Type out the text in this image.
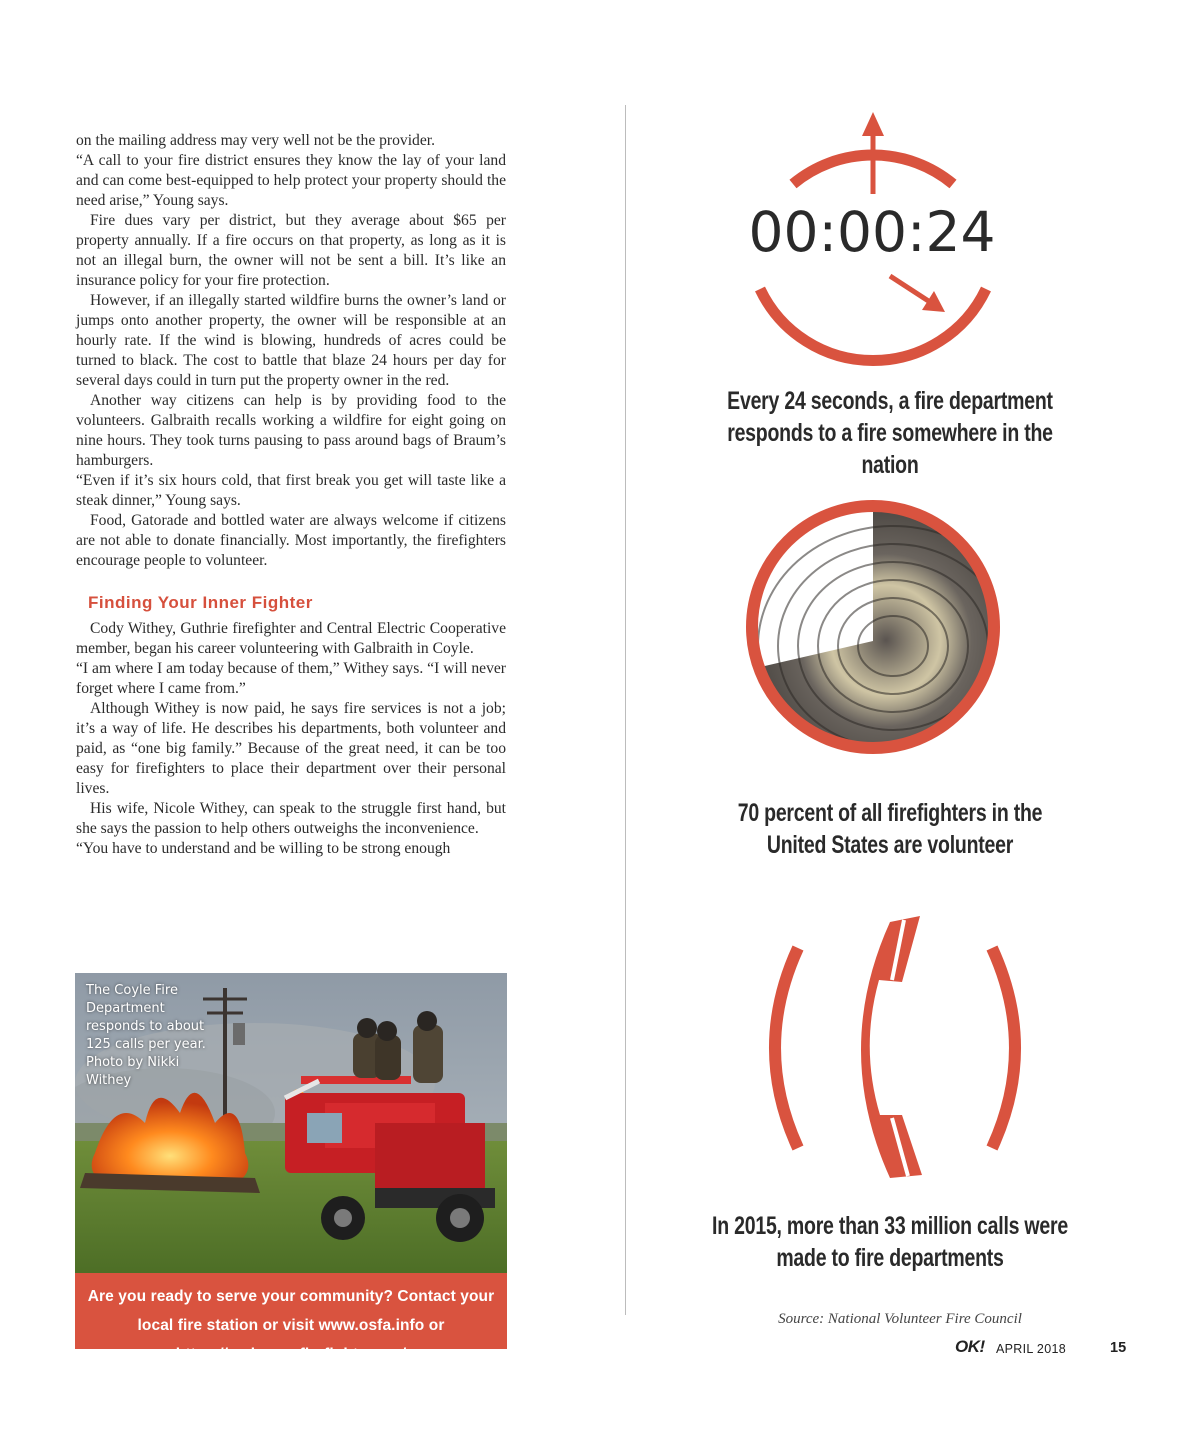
on the mailing address may very well not be the provider.

“A call to your fire district ensures they know the lay of your land and can come best-equipped to help protect your property should the need arise,” Young says.

Fire dues vary per district, but they average about $65 per property annually. If a fire occurs on that property, as long as it is not an illegal burn, the owner will not be sent a bill. It’s like an insurance policy for your fire protection.

However, if an illegally started wildfire burns the owner’s land or jumps onto another property, the owner will be responsible at an hourly rate. If the wind is blowing, hundreds of acres could be turned to black. The cost to battle that blaze 24 hours per day for several days could in turn put the property owner in the red.

Another way citizens can help is by providing food to the volunteers. Galbraith recalls working a wildfire for eight going on nine hours. They took turns pausing to pass around bags of Braum’s hamburgers.

“Even if it’s six hours cold, that first break you get will taste like a steak dinner,” Young says.

Food, Gatorade and bottled water are always welcome if citizens are not able to donate financially. Most importantly, the firefighters encourage people to volunteer.

Finding Your Inner Fighter

Cody Withey, Guthrie firefighter and Central Electric Cooperative member, began his career volunteering with Galbraith in Coyle.

“I am where I am today because of them,” Withey says. “I will never forget where I came from.”

Although Withey is now paid, he says fire services is not a job; it’s a way of life. He describes his departments, both volunteer and paid, as “one big family.” Because of the great need, it can be too easy for firefighters to place their department over their personal lives.

His wife, Nicole Withey, can speak to the struggle first hand, but she says the passion to help others outweighs the inconvenience.

“You have to understand and be willing to be strong enough

The Coyle Fire Department responds to about 125 calls per year. Photo by Nikki Withey
Are you ready to serve your community? Contact your local fire station or visit www.osfa.info or https://makemeafirefighter.org/
00:00:24
Every 24 seconds, a fire department responds to a fire somewhere in the nation
70 percent of all firefighters in the United States are volunteer
In 2015, more than 33 million calls were made to fire departments
Source: National Volunteer Fire Council
OK! APRIL 2018	15
